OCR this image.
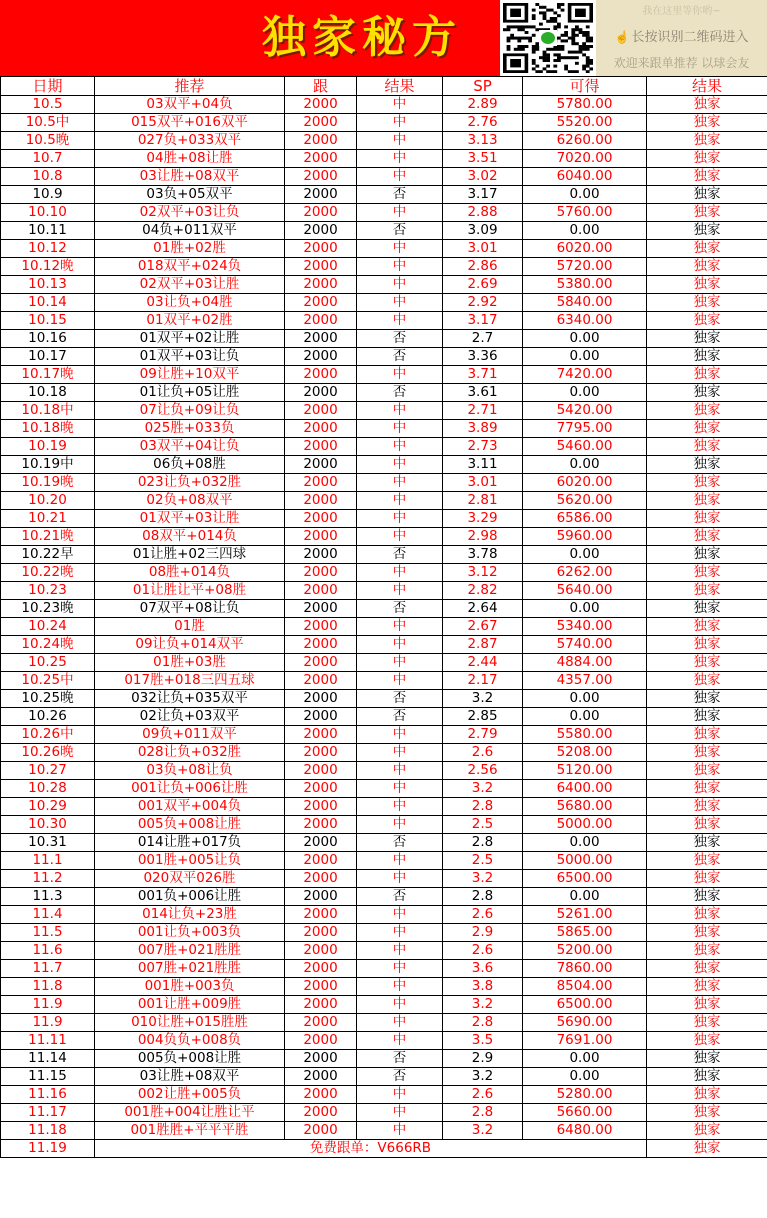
独家秘方
我在这里等你哟~
☝ 长按识别二维码进入
欢迎来跟单推荐 以球会友
日期	推荐	跟	结果	SP	可得	结果
10.5	03双平+04负	2000	中	2.89	5780.00	独家
10.5中	015双平+016双平	2000	中	2.76	5520.00	独家
10.5晚	027负+033双平	2000	中	3.13	6260.00	独家
10.7	04胜+08让胜	2000	中	3.51	7020.00	独家
10.8	03让胜+08双平	2000	中	3.02	6040.00	独家
10.9	03负+05双平	2000	否	3.17	0.00	独家
10.10	02双平+03让负	2000	中	2.88	5760.00	独家
10.11	04负+011双平	2000	否	3.09	0.00	独家
10.12	01胜+02胜	2000	中	3.01	6020.00	独家
10.12晚	018双平+024负	2000	中	2.86	5720.00	独家
10.13	02双平+03让胜	2000	中	2.69	5380.00	独家
10.14	03让负+04胜	2000	中	2.92	5840.00	独家
10.15	01双平+02胜	2000	中	3.17	6340.00	独家
10.16	01双平+02让胜	2000	否	2.7	0.00	独家
10.17	01双平+03让负	2000	否	3.36	0.00	独家
10.17晚	09让胜+10双平	2000	中	3.71	7420.00	独家
10.18	01让负+05让胜	2000	否	3.61	0.00	独家
10.18中	07让负+09让负	2000	中	2.71	5420.00	独家
10.18晚	025胜+033负	2000	中	3.89	7795.00	独家
10.19	03双平+04让负	2000	中	2.73	5460.00	独家
10.19中	06负+08胜	2000	中	3.11	0.00	独家
10.19晚	023让负+032胜	2000	中	3.01	6020.00	独家
10.20	02负+08双平	2000	中	2.81	5620.00	独家
10.21	01双平+03让胜	2000	中	3.29	6586.00	独家
10.21晚	08双平+014负	2000	中	2.98	5960.00	独家
10.22早	01让胜+02三四球	2000	否	3.78	0.00	独家
10.22晚	08胜+014负	2000	中	3.12	6262.00	独家
10.23	01让胜让平+08胜	2000	中	2.82	5640.00	独家
10.23晚	07双平+08让负	2000	否	2.64	0.00	独家
10.24	01胜	2000	中	2.67	5340.00	独家
10.24晚	09让负+014双平	2000	中	2.87	5740.00	独家
10.25	01胜+03胜	2000	中	2.44	4884.00	独家
10.25中	017胜+018三四五球	2000	中	2.17	4357.00	独家
10.25晚	032让负+035双平	2000	否	3.2	0.00	独家
10.26	02让负+03双平	2000	否	2.85	0.00	独家
10.26中	09负+011双平	2000	中	2.79	5580.00	独家
10.26晚	028让负+032胜	2000	中	2.6	5208.00	独家
10.27	03负+08让负	2000	中	2.56	5120.00	独家
10.28	001让负+006让胜	2000	中	3.2	6400.00	独家
10.29	001双平+004负	2000	中	2.8	5680.00	独家
10.30	005负+008让胜	2000	中	2.5	5000.00	独家
10.31	014让胜+017负	2000	否	2.8	0.00	独家
11.1	001胜+005让负	2000	中	2.5	5000.00	独家
11.2	020双平026胜	2000	中	3.2	6500.00	独家
11.3	001负+006让胜	2000	否	2.8	0.00	独家
11.4	014让负+23胜	2000	中	2.6	5261.00	独家
11.5	001让负+003负	2000	中	2.9	5865.00	独家
11.6	007胜+021胜胜	2000	中	2.6	5200.00	独家
11.7	007胜+021胜胜	2000	中	3.6	7860.00	独家
11.8	001胜+003负	2000	中	3.8	8504.00	独家
11.9	001让胜+009胜	2000	中	3.2	6500.00	独家
11.9	010让胜+015胜胜	2000	中	2.8	5690.00	独家
11.11	004负负+008负	2000	中	3.5	7691.00	独家
11.14	005负+008让胜	2000	否	2.9	0.00	独家
11.15	03让胜+08双平	2000	否	3.2	0.00	独家
11.16	002让胜+005负	2000	中	2.6	5280.00	独家
11.17	001胜+004让胜让平	2000	中	2.8	5660.00	独家
11.18	001胜胜+平平平胜	2000	中	3.2	6480.00	独家
11.19	免费跟单：V666RB					独家
